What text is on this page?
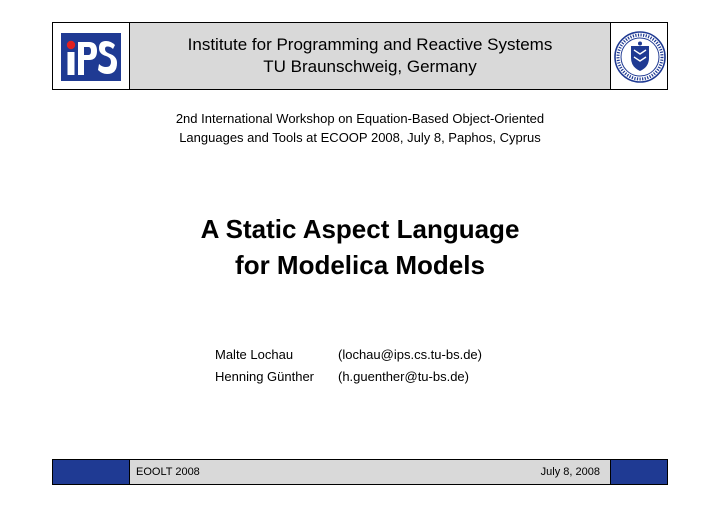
Institute for Programming and Reactive Systems
TU Braunschweig, Germany
2nd International Workshop on Equation-Based Object-Oriented
Languages and Tools at ECOOP 2008, July 8, Paphos, Cyprus
A Static Aspect Language
for Modelica Models
Malte Lochau	(lochau@ips.cs.tu-bs.de)
Henning Günther	(h.guenther@tu-bs.de)
EOOLT 2008	July 8, 2008
